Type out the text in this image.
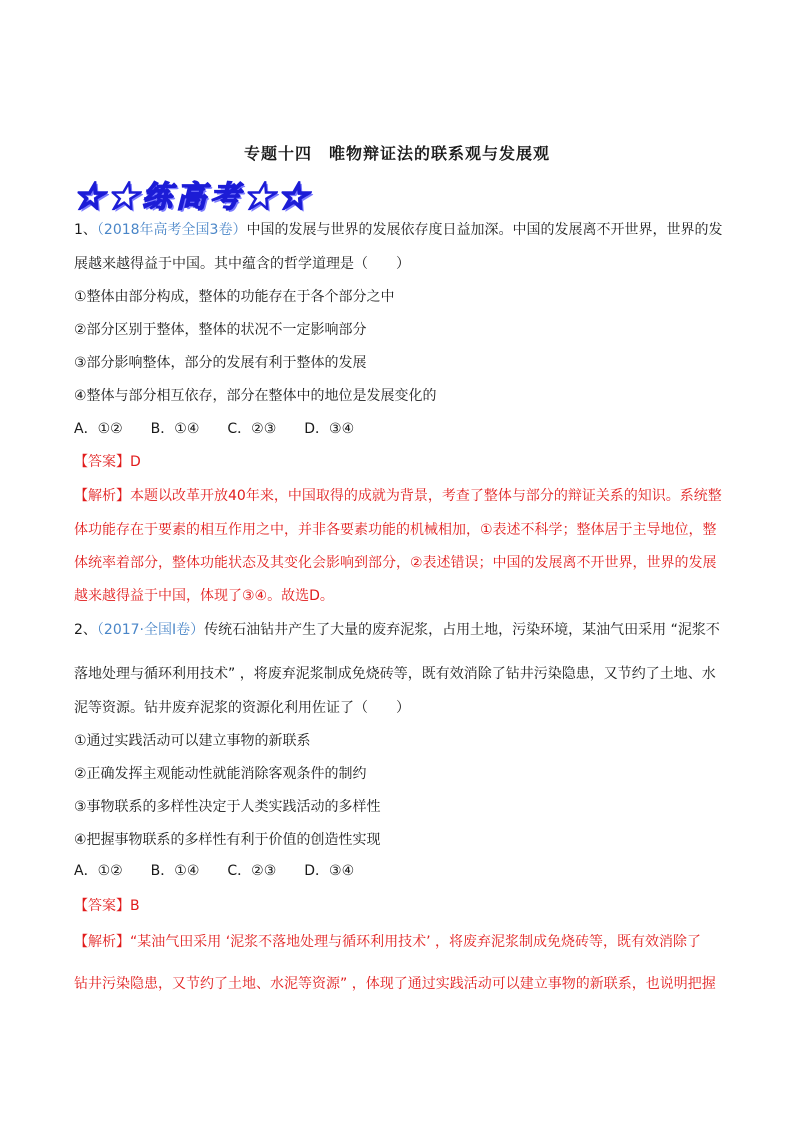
专题十四　唯物辩证法的联系观与发展观
☆★练高考★☆
1、（2018年高考全国3卷）中国的发展与世界的发展依存度日益加深。中国的发展离不开世界，世界的发
展越来越得益于中国。其中蕴含的哲学道理是（　　）
①整体由部分构成，整体的功能存在于各个部分之中
②部分区别于整体，整体的状况不一定影响部分
③部分影响整体，部分的发展有利于整体的发展
④整体与部分相互依存，部分在整体中的地位是发展变化的
A．①②　　B．①④　　C．②③　　D．③④
【答案】D
【解析】本题以改革开放40年来，中国取得的成就为背景，考查了整体与部分的辩证关系的知识。系统整
体功能存在于要素的相互作用之中，并非各要素功能的机械相加，①表述不科学；整体居于主导地位，整
体统率着部分，整体功能状态及其变化会影响到部分，②表述错误；中国的发展离不开世界，世界的发展
越来越得益于中国，体现了③④。故选D。
2、（2017·全国Ⅰ卷）传统石油钻井产生了大量的废弃泥浆，占用土地，污染环境，某油气田采用 “泥浆不
落地处理与循环利用技术” ，将废弃泥浆制成免烧砖等，既有效消除了钻井污染隐患，又节约了土地、水
泥等资源。钻井废弃泥浆的资源化利用佐证了（　　）
①通过实践活动可以建立事物的新联系
②正确发挥主观能动性就能消除客观条件的制约
③事物联系的多样性决定于人类实践活动的多样性
④把握事物联系的多样性有利于价值的创造性实现
A．①②　　B．①④　　C．②③　　D．③④
【答案】B
【解析】“某油气田采用 ‘泥浆不落地处理与循环利用技术’ ，将废弃泥浆制成免烧砖等，既有效消除了
钻井污染隐患，又节约了土地、水泥等资源” ，体现了通过实践活动可以建立事物的新联系，也说明把握
